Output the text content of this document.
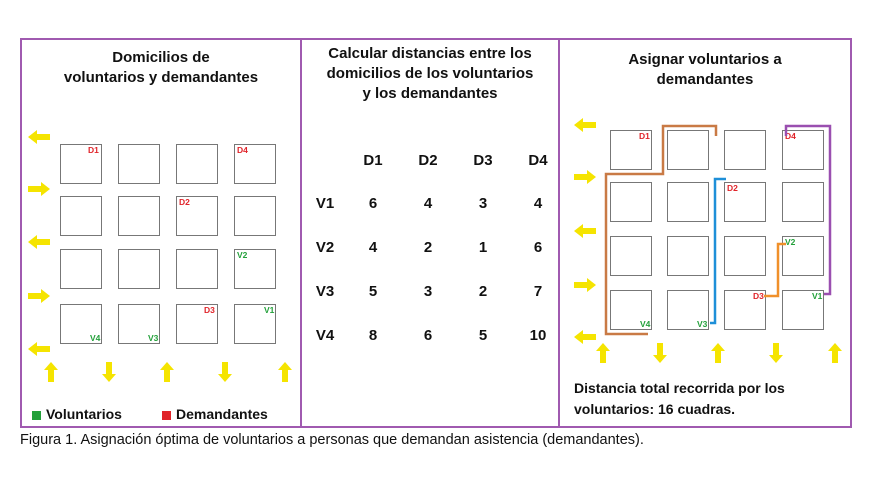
Domicilios de
voluntarios y demandantes
D1	D4
D2
V2
V4	V3
D3	V1
Voluntarios	Demandantes
Calcular distancias entre los
domicilios de los voluntarios
y los demandantes
D1	D2	D3	D4
V1	6	4	3	4
V2	4	2	1	6
V3	5	3	2	7
V4	8	6	5	10
Asignar voluntarios a
demandantes
D1	D4
D2
V2
V4	V3
D3	V1
Distancia total recorrida por los
voluntarios: 16 cuadras.
Figura 1. Asignación óptima de voluntarios a personas que demandan asistencia (demandantes).
